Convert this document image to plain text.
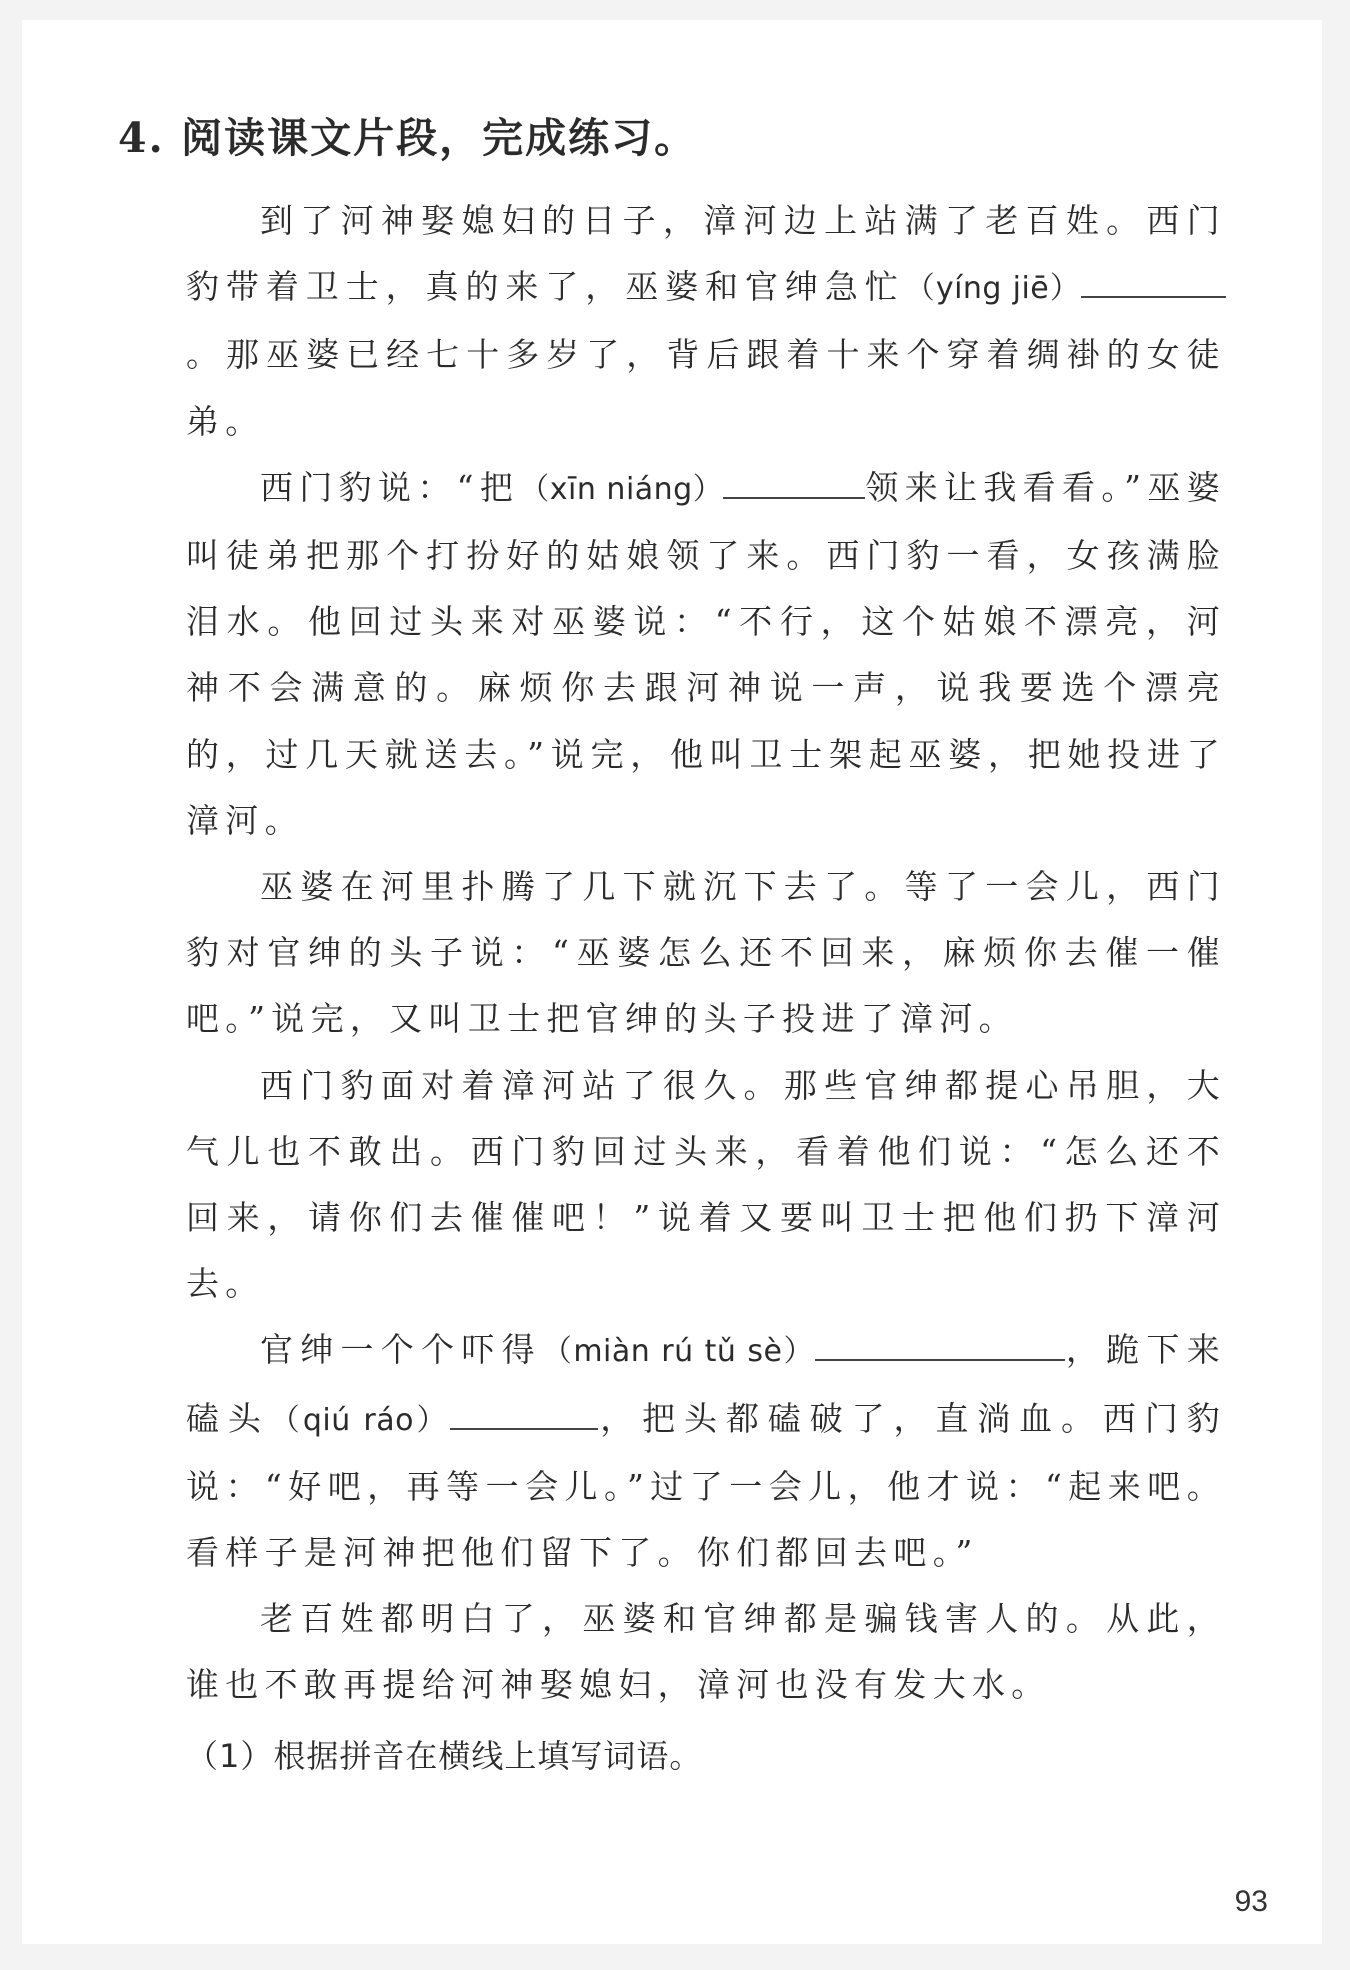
4. 阅读课文片段，完成练习。

到了河神娶媳妇的日子，漳河边上站满了老百姓。西门豹带着卫士，真的来了，巫婆和官绅急忙（yíng jiē）。那巫婆已经七十多岁了，背后跟着十来个穿着绸褂的女徒弟。

西门豹说：“把（xīn niáng）	领来让我看看。”巫婆叫徒弟把那个打扮好的姑娘领了来。西门豹一看，女孩满脸泪水。他回过头来对巫婆说：“不行，这个姑娘不漂亮，河神不会满意的。麻烦你去跟河神说一声，说我要选个漂亮的，过几天就送去。”说完，他叫卫士架起巫婆，把她投进了漳河。

巫婆在河里扑腾了几下就沉下去了。等了一会儿，西门豹对官绅的头子说：“巫婆怎么还不回来，麻烦你去催一催吧。”说完，又叫卫士把官绅的头子投进了漳河。

西门豹面对着漳河站了很久。那些官绅都提心吊胆，大气儿也不敢出。西门豹回过头来，看着他们说：“怎么还不回来，请你们去催催吧！”说着又要叫卫士把他们扔下漳河去。

官绅一个个吓得（miàn rú tǔ sè）	，跪下来磕头（qiú ráo）	，把头都磕破了，直淌血。西门豹说：“好吧，再等一会儿。”过了一会儿，他才说：“起来吧。看样子是河神把他们留下了。你们都回去吧。”

老百姓都明白了，巫婆和官绅都是骗钱害人的。从此，谁也不敢再提给河神娶媳妇，漳河也没有发大水。

（1）根据拼音在横线上填写词语。

93
